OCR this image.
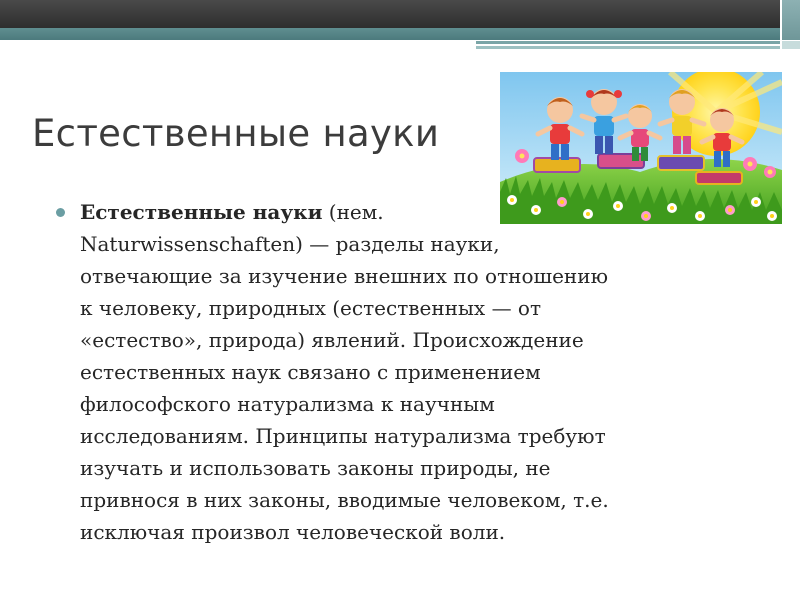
Естественные науки
Естественные науки (нем.
Naturwissenschaften) — разделы науки,
отвечающие за изучение внешних по отношению
к человеку, природных (естественных — от
«естество», природа) явлений. Происхождение
естественных наук связано с применением
философского натурализма к научным
исследованиям. Принципы натурализма требуют
изучать и использовать законы природы, не
привнося в них законы, вводимые человеком, т.е.
исключая произвол человеческой воли.
